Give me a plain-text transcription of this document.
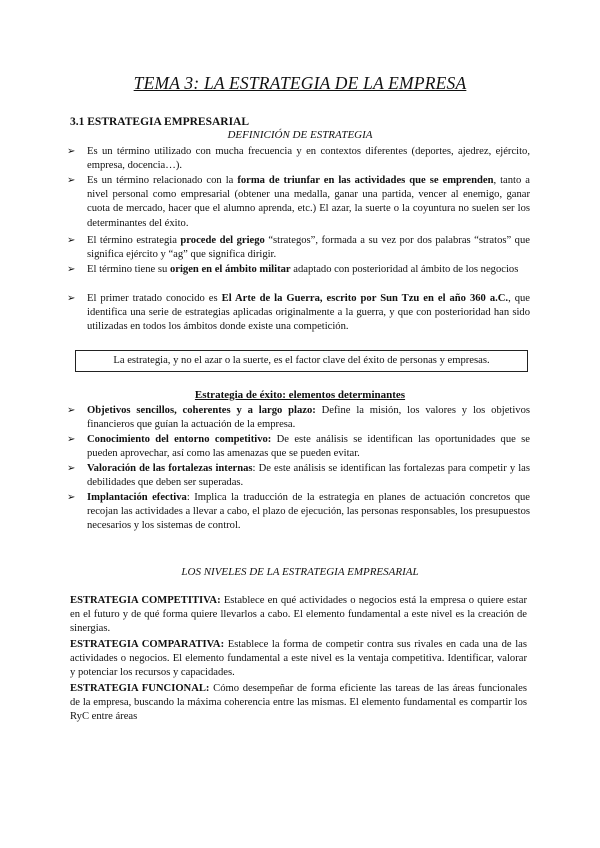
TEMA 3: LA ESTRATEGIA DE LA EMPRESA
3.1 ESTRATEGIA EMPRESARIAL
DEFINICIÓN DE ESTRATEGIA
➢ Es un término utilizado con mucha frecuencia y en contextos diferentes (deportes, ajedrez, ejército, empresa, docencia…).
➢ Es un término relacionado con la forma de triunfar en las actividades que se emprenden, tanto a nivel personal como empresarial (obtener una medalla, ganar una partida, vencer al enemigo, ganar cuota de mercado, hacer que el alumno aprenda, etc.) El azar, la suerte o la coyuntura no suelen ser los determinantes del éxito.
➢ El término estrategia procede del griego “strategos”, formada a su vez por dos palabras “stratos” que significa ejército y “ag” que significa dirigir.
➢ El término tiene su origen en el ámbito militar adaptado con posterioridad al ámbito de los negocios
➢ El primer tratado conocido es El Arte de la Guerra, escrito por Sun Tzu en el año 360 a.C., que identifica una serie de estrategias aplicadas originalmente a la guerra, y que con posterioridad han sido utilizadas en todos los ámbitos donde existe una competición.
La estrategia, y no el azar o la suerte, es el factor clave del éxito de personas y empresas.
Estrategia de éxito: elementos determinantes
➢ Objetivos sencillos, coherentes y a largo plazo: Define la misión, los valores y los objetivos financieros que guían la actuación de la empresa.
➢ Conocimiento del entorno competitivo: De este análisis se identifican las oportunidades que se pueden aprovechar, así como las amenazas que se pueden evitar.
➢ Valoración de las fortalezas internas: De este análisis se identifican las fortalezas para competir y las debilidades que deben ser superadas.
➢ Implantación efectiva: Implica la traducción de la estrategia en planes de actuación concretos que recojan las actividades a llevar a cabo, el plazo de ejecución, las personas responsables, los presupuestos necesarios y los sistemas de control.
LOS NIVELES DE LA ESTRATEGIA EMPRESARIAL
ESTRATEGIA COMPETITIVA: Establece en qué actividades o negocios está la empresa o quiere estar en el futuro y de qué forma quiere llevarlos a cabo. El elemento fundamental a este nivel es la creación de sinergias.
ESTRATEGIA COMPARATIVA: Establece la forma de competir contra sus rivales en cada una de las actividades o negocios. El elemento fundamental a este nivel es la ventaja competitiva. Identificar, valorar y potenciar los recursos y capacidades.
ESTRATEGIA FUNCIONAL: Cómo desempeñar de forma eficiente las tareas de las áreas funcionales de la empresa, buscando la máxima coherencia entre las mismas. El elemento fundamental es compartir los RyC entre áreas
